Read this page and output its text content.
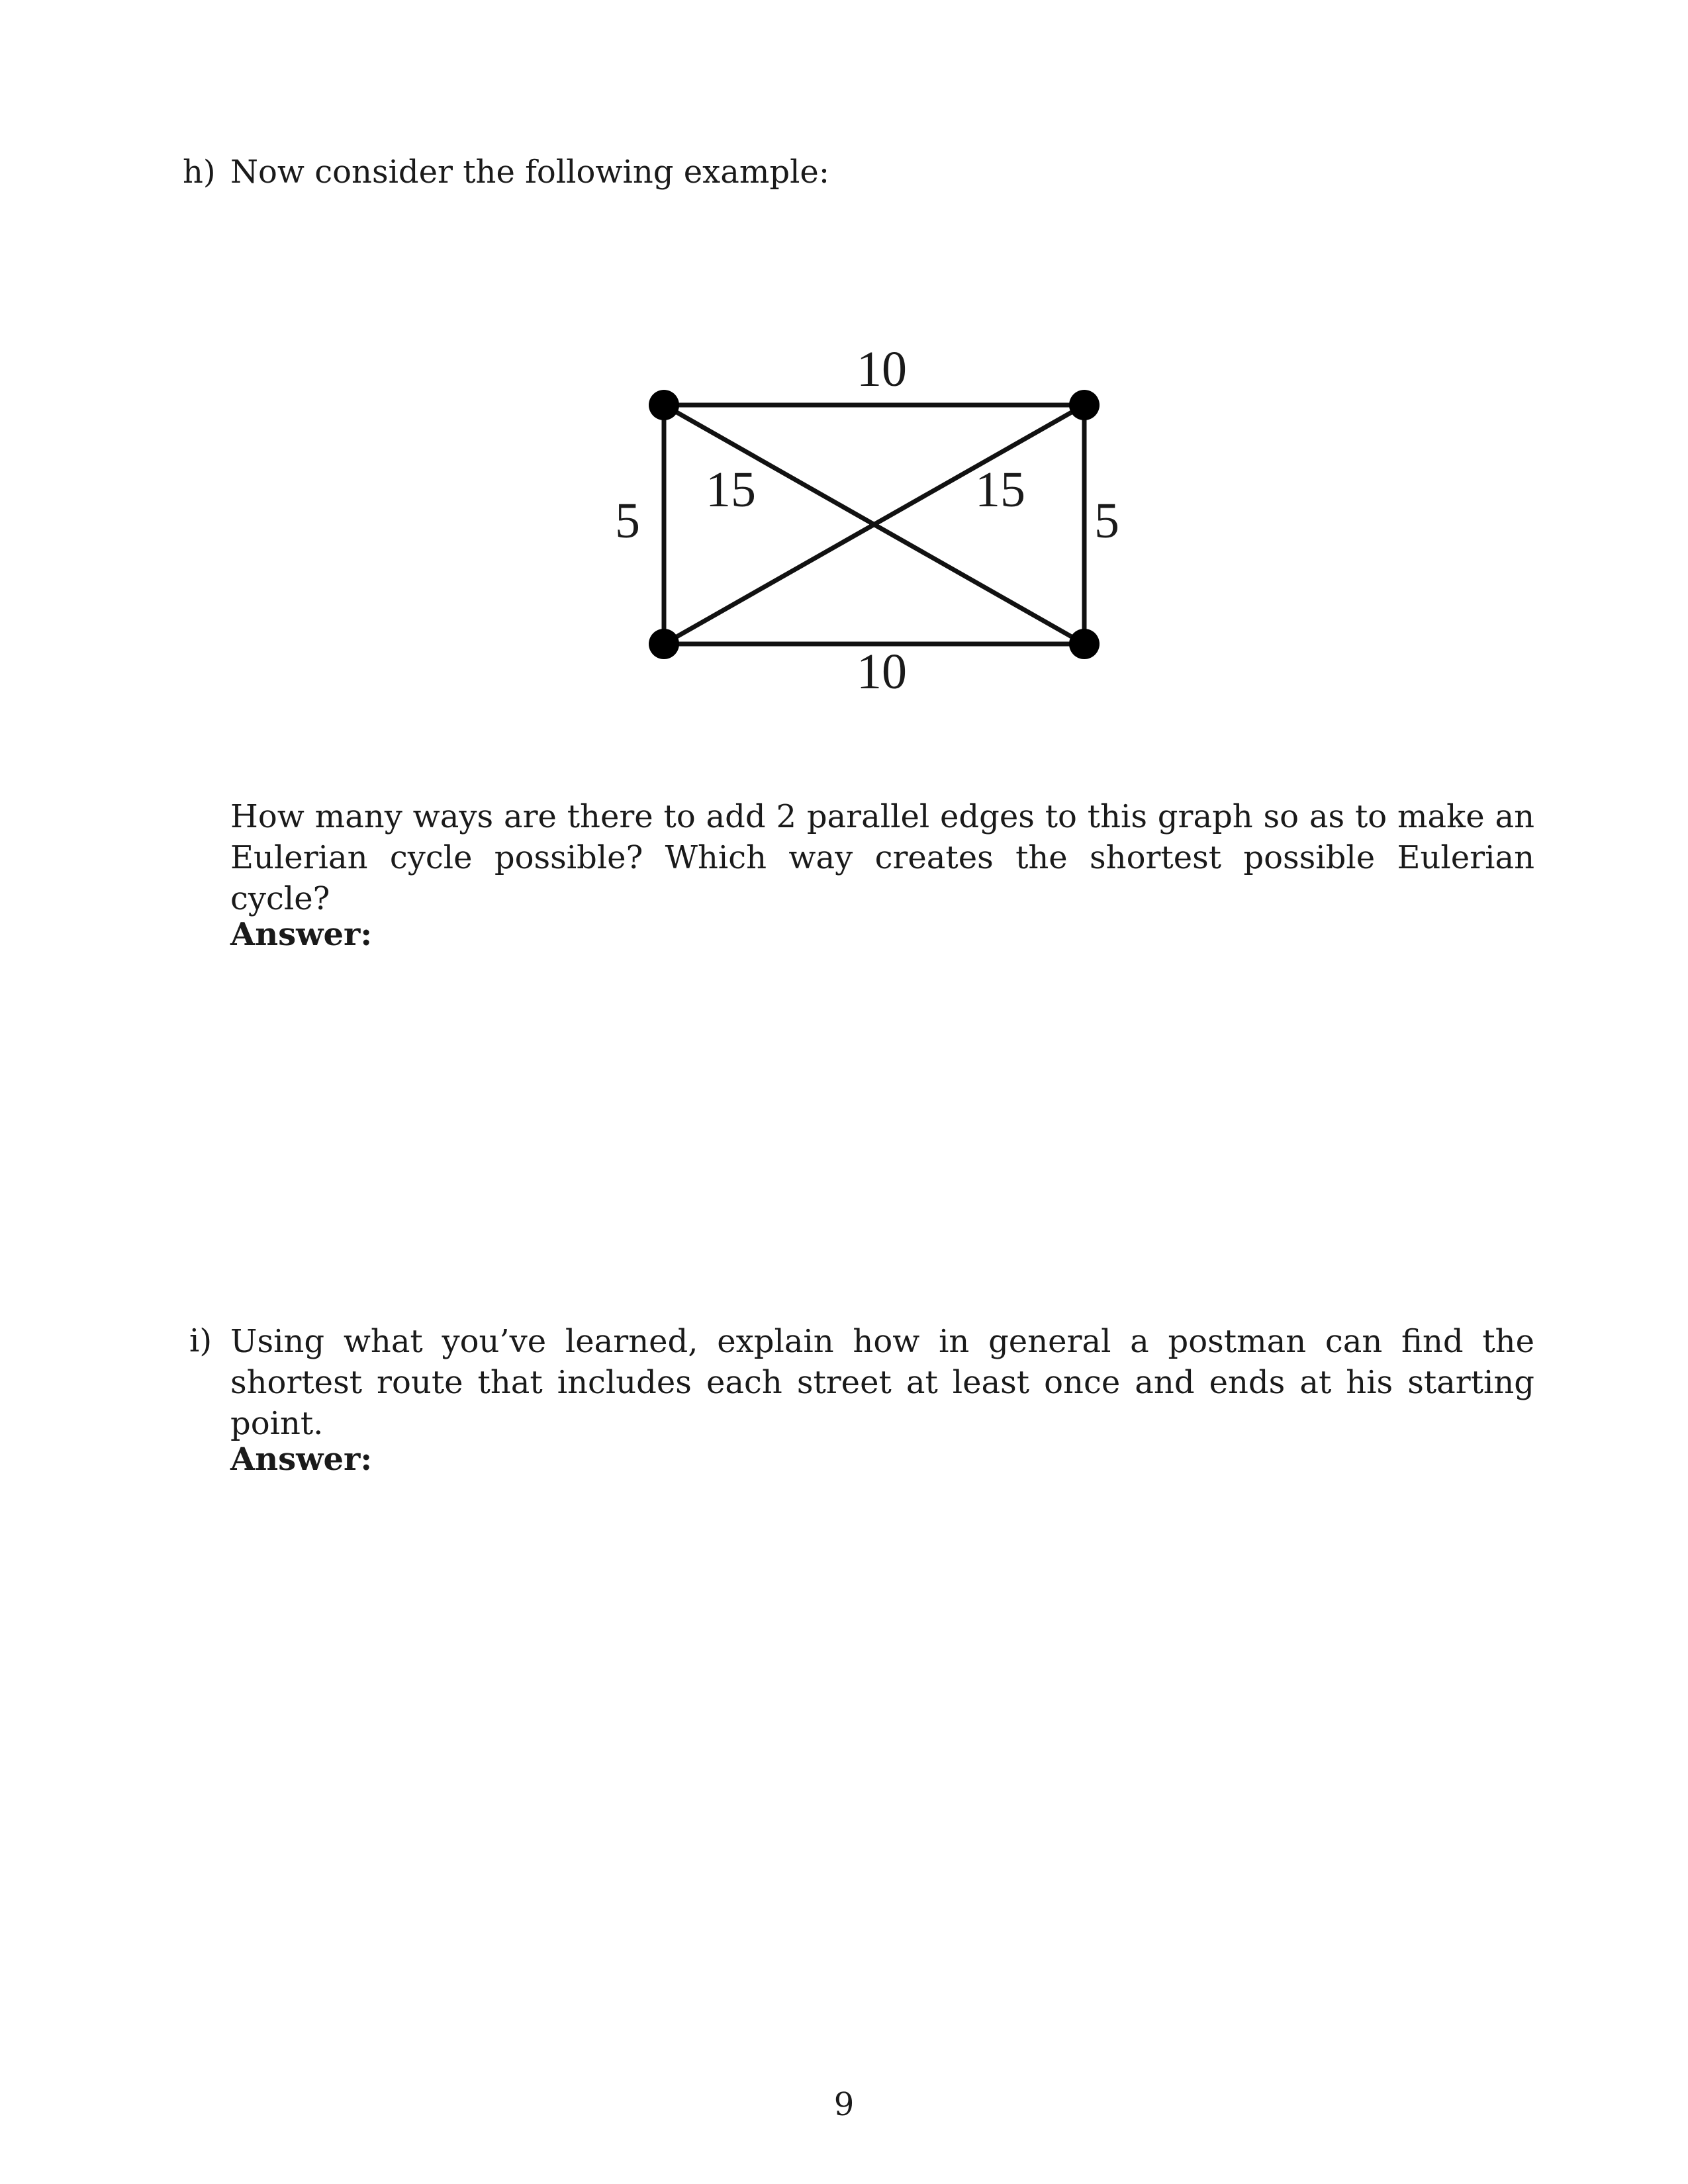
h) Now consider the following example:
10
10
5	5
15	15
How many ways are there to add 2 parallel edges to this graph so as to make an Eulerian cycle possible? Which way creates the shortest possible Eulerian cycle?
Answer:
i) Using what you’ve learned, explain how in general a postman can find the shortest route that includes each street at least once and ends at his starting point.
Answer:
9
